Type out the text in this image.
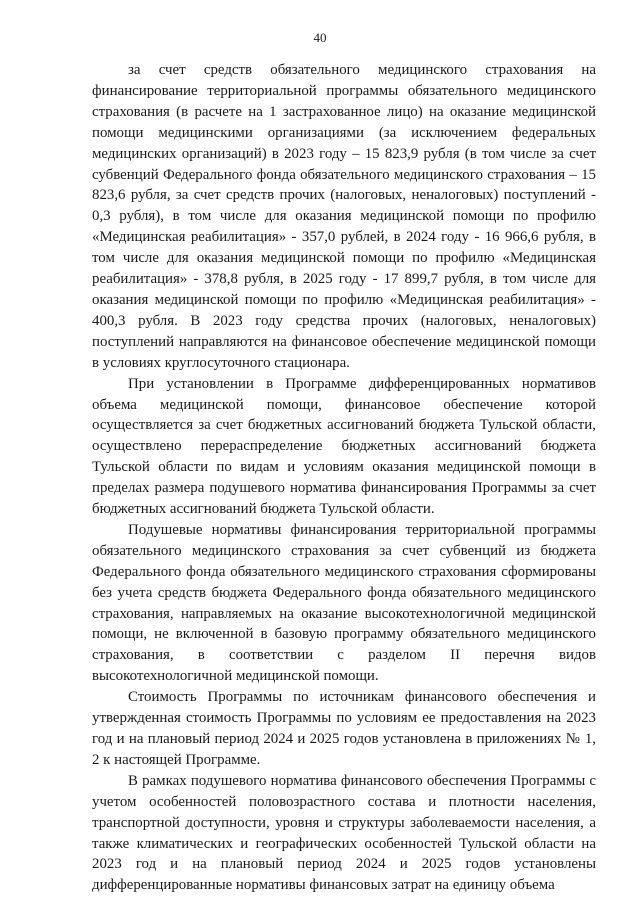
40

за счет средств обязательного медицинского страхования на финансирование территориальной программы обязательного медицинского страхования (в расчете на 1 застрахованное лицо) на оказание медицинской помощи медицинскими организациями (за исключением федеральных медицинских организаций) в 2023 году – 15 823,9 рубля (в том числе за счет субвенций Федерального фонда обязательного медицинского страхования – 15 823,6 рубля, за счет средств прочих (налоговых, неналоговых) поступлений - 0,3 рубля), в том числе для оказания медицинской помощи по профилю «Медицинская реабилитация» - 357,0 рублей, в 2024 году - 16 966,6 рубля, в том числе для оказания медицинской помощи по профилю «Медицинская реабилитация» - 378,8 рубля, в 2025 году - 17 899,7 рубля, в том числе для оказания медицинской помощи по профилю «Медицинская реабилитация» - 400,3 рубля. В 2023 году средства прочих (налоговых, неналоговых) поступлений направляются на финансовое обеспечение медицинской помощи в условиях круглосуточного стационара.

При установлении в Программе дифференцированных нормативов объема медицинской помощи, финансовое обеспечение которой осуществляется за счет бюджетных ассигнований бюджета Тульской области, осуществлено перераспределение бюджетных ассигнований бюджета Тульской области по видам и условиям оказания медицинской помощи в пределах размера подушевого норматива финансирования Программы за счет бюджетных ассигнований бюджета Тульской области.

Подушевые нормативы финансирования территориальной программы обязательного медицинского страхования за счет субвенций из бюджета Федерального фонда обязательного медицинского страхования сформированы без учета средств бюджета Федерального фонда обязательного медицинского страхования, направляемых на оказание высокотехнологичной медицинской помощи, не включенной в базовую программу обязательного медицинского страхования, в соответствии с разделом II перечня видов высокотехнологичной медицинской помощи.

Стоимость Программы по источникам финансового обеспечения и утвержденная стоимость Программы по условиям ее предоставления на 2023 год и на плановый период 2024 и 2025 годов установлена в приложениях № 1, 2 к настоящей Программе.

В рамках подушевого норматива финансового обеспечения Программы с учетом особенностей половозрастного состава и плотности населения, транспортной доступности, уровня и структуры заболеваемости населения, а также климатических и географических особенностей Тульской области на 2023 год и на плановый период 2024 и 2025 годов установлены дифференцированные нормативы финансовых затрат на единицу объема
